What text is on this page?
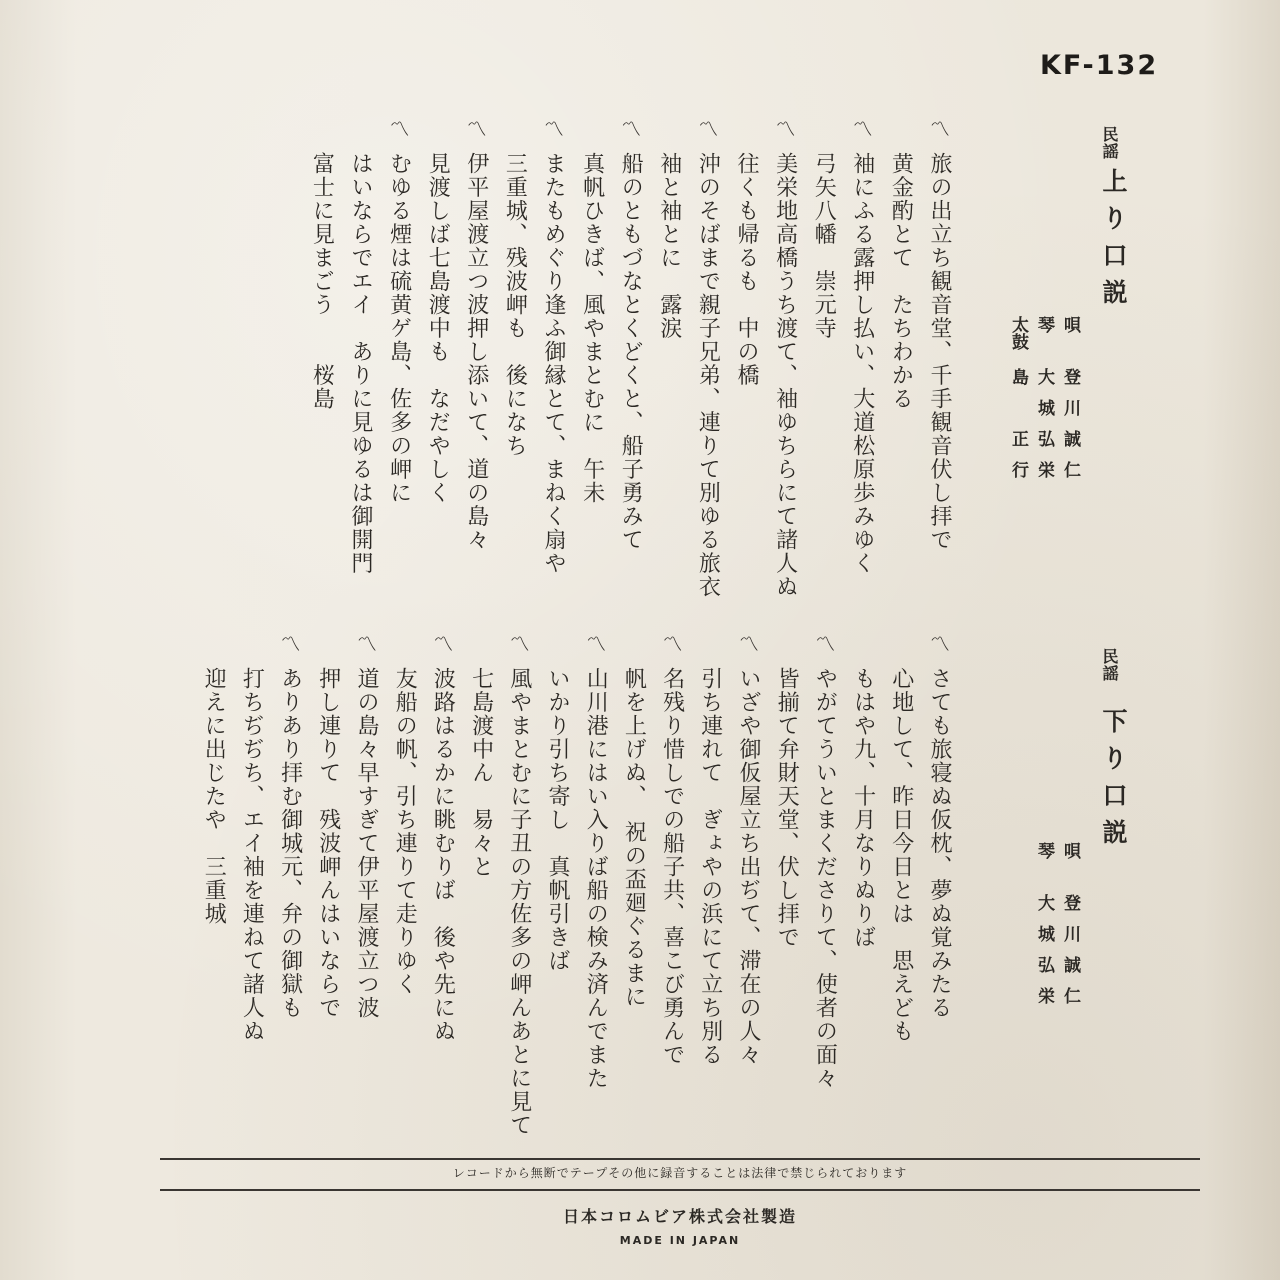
KF-132
民謡
上り口説
唄
登川誠仁
琴
大城弘栄
太鼓
島　正行
〽
旅の出立ち観音堂、千手観音伏し拝で
黄金酌とて　たちわかる
〽
袖にふる露押し払い、大道松原歩みゆく
弓矢八幡　崇元寺
〽
美栄地高橋うち渡て、袖ゆちらにて諸人ぬ
往くも帰るも　中の橋
〽
沖のそばまで親子兄弟、連りて別ゆる旅衣
袖と袖とに　露涙
〽
船のともづなとくどくと、船子勇みて
真帆ひきば、風やまとむに　午未
〽
またもめぐり逢ふ御縁とて、まねく扇や
三重城、残波岬も　後になち
〽
伊平屋渡立つ波押し添いて、道の島々
見渡しば七島渡中も　なだやしく
〽
むゆる煙は硫黄ゲ島、佐多の岬に
はいならでエイ　ありに見ゆるは御開門
富士に見まごう　　桜島
民謡
下り口説
唄
登川誠仁
琴
大城弘栄
〽
さても旅寝ぬ仮枕、夢ぬ覚みたる
心地して、昨日今日とは　思えども
もはや九、十月なりぬりば
〽
やがてういとまくださりて、使者の面々
皆揃て弁財天堂、伏し拝で
〽
いざや御仮屋立ち出ぢて、滞在の人々
引ち連れて　ぎょやの浜にて立ち別る
〽
名残り惜しでの船子共、喜こび勇んで
帆を上げぬ、　祝の盃廻ぐるまに
〽
山川港にはい入りば船の検み済んでまた
いかり引ち寄し　真帆引きば
〽
風やまとむに子丑の方佐多の岬んあとに見て
七島渡中ん　易々と
〽
波路はるかに眺むりば　後や先にぬ
友船の帆、引ち連りて走りゆく
〽
道の島々早すぎて伊平屋渡立つ波
押し連りて　残波岬んはいならで
〽
ありあり拝む御城元、弁の御獄も
打ちぢぢち、エイ袖を連ねて諸人ぬ
迎えに出じたや　三重城
レコードから無断でテープその他に録音することは法律で禁じられております
日本コロムビア株式会社製造
MADE IN JAPAN
